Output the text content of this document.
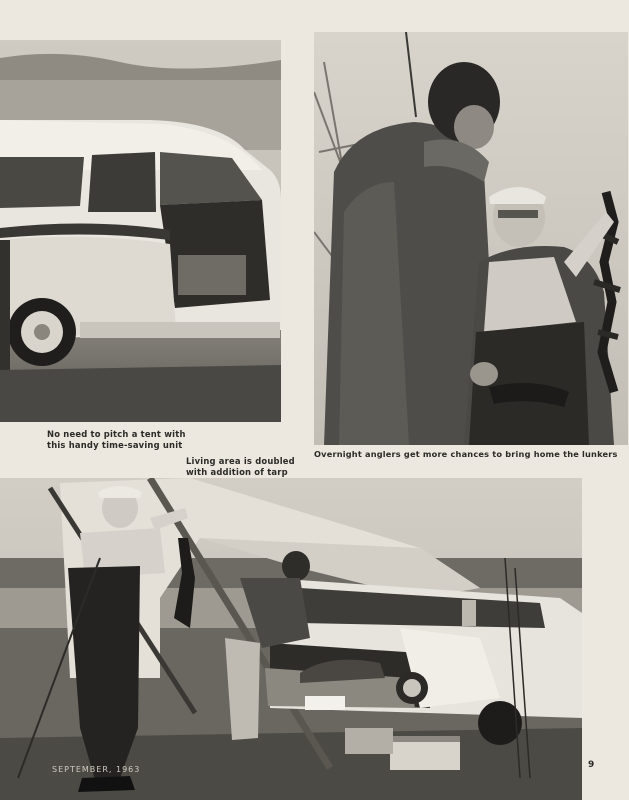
No need to pitch a tent with
this handy time-saving unit
Overnight anglers get more chances to bring home the lunkers
Living area is doubled
with addition of tarp
SEPTEMBER, 1963	9
